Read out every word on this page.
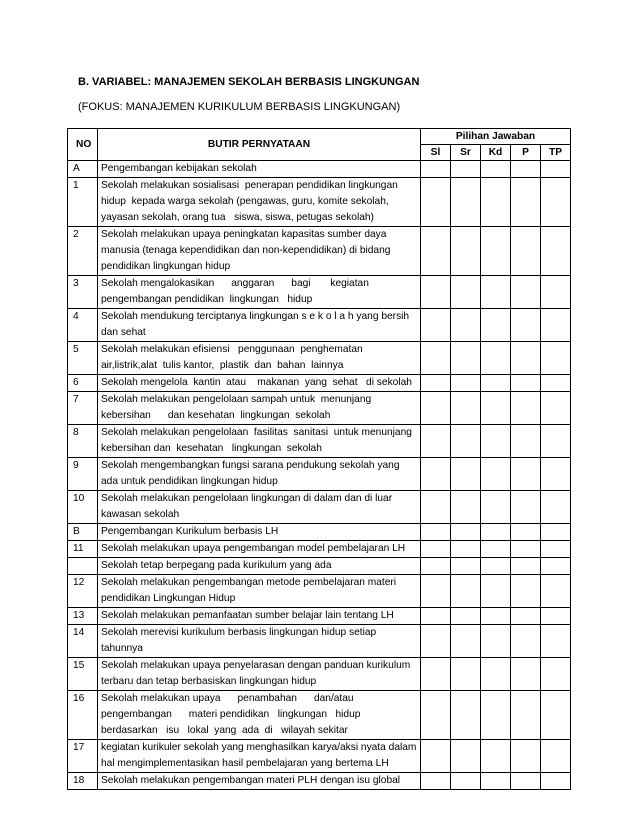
B. VARIABEL: MANAJEMEN SEKOLAH BERBASIS LINGKUNGAN
(FOKUS: MANAJEMEN KURIKULUM BERBASIS LINGKUNGAN)
NO	BUTIR PERNYATAAN	Pilihan Jawaban				
		Sl	Sr	Kd	P	TP
A	Pengembangan kebijakan sekolah					
1	Sekolah melakukan sosialisasi  penerapan pendidikan lingkungan hidup  kepada warga sekolah (pengawas, guru, komite sekolah, yayasan sekolah, orang tua   siswa, siswa, petugas sekolah)					
2	Sekolah melakukan upaya peningkatan kapasitas sumber daya manusia (tenaga kependidikan dan non-kependidikan) di bidang pendidikan lingkungan hidup					
3	Sekolah mengalokasikan      anggaran      bagi       kegiatan pengembangan pendidikan  lingkungan   hidup					
4	Sekolah mendukung terciptanya lingkungan s e k o l a h yang bersih dan sehat					
5	Sekolah melakukan efisiensi   penggunaan  penghematan air,listrik,alat  tulis kantor,  plastik  dan  bahan  lainnya					
6	Sekolah mengelola  kantin  atau    makanan  yang  sehat   di sekolah					
7	Sekolah melakukan pengelolaan sampah untuk  menunjang kebersihan      dan kesehatan  lingkungan  sekolah					
8	Sekolah melakukan pengelolaan  fasilitas  sanitasi  untuk menunjang  kebersihan dan  kesehatan   lingkungan  sekolah					
9	Sekolah mengembangkan fungsi sarana pendukung sekolah yang ada untuk pendidikan lingkungan hidup					
10	Sekolah melakukan pengelolaan lingkungan di dalam dan di luar kawasan sekolah					
B	Pengembangan Kurikulum berbasis LH					
11	Sekolah melakukan upaya pengembangan model pembelajaran LH					
	Sekolah tetap berpegang pada kurikulum yang ada					
12	Sekolah melakukan pengembangan metode pembelajaran materi pendidikan Lingkungan Hidup					
13	Sekolah melakukan pemanfaatan sumber belajar lain tentang LH					
14	Sekolah merevisi kurikulum berbasis lingkungan hidup setiap tahunnya					
15	Sekolah melakukan upaya penyelarasan dengan panduan kurikulum terbaru dan tetap berbasiskan lingkungan hidup					
16	Sekolah melakukan upaya      penambahan      dan/atau pengembangan      materi pendidikan   lingkungan   hidup berdasarkan   isu   lokal  yang  ada  di   wilayah sekitar					
17	kegiatan kurikuler sekolah yang menghasilkan karya/aksi nyata dalam hal mengimplementasikan hasil pembelajaran yang bertema LH					
18	Sekolah melakukan pengembangan materi PLH dengan isu global					
